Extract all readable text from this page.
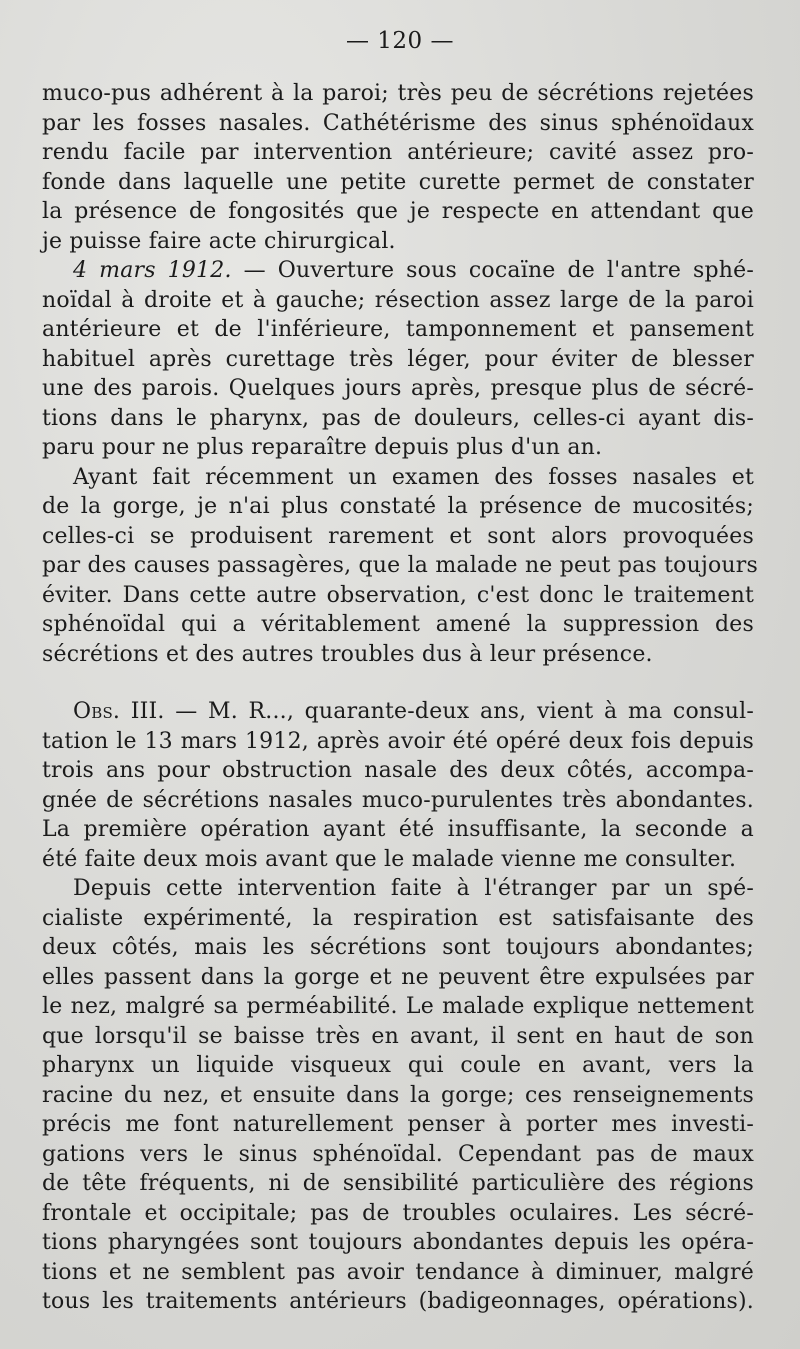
— 120 —
muco-pus adhérent à la paroi; très peu de sécrétions rejetées
par les fosses nasales. Cathétérisme des sinus sphénoïdaux
rendu facile par intervention antérieure; cavité assez pro-
fonde dans laquelle une petite curette permet de constater
la présence de fongosités que je respecte en attendant que
je puisse faire acte chirurgical.
4 mars 1912. — Ouverture sous cocaïne de l'antre sphé-
noïdal à droite et à gauche; résection assez large de la paroi
antérieure et de l'inférieure, tamponnement et pansement
habituel après curettage très léger, pour éviter de blesser
une des parois. Quelques jours après, presque plus de sécré-
tions dans le pharynx, pas de douleurs, celles-ci ayant dis-
paru pour ne plus reparaître depuis plus d'un an.
Ayant fait récemment un examen des fosses nasales et
de la gorge, je n'ai plus constaté la présence de mucosités;
celles-ci se produisent rarement et sont alors provoquées
par des causes passagères, que la malade ne peut pas toujours
éviter. Dans cette autre observation, c'est donc le traitement
sphénoïdal qui a véritablement amené la suppression des
sécrétions et des autres troubles dus à leur présence.
Obs. III. — M. R..., quarante-deux ans, vient à ma consul-
tation le 13 mars 1912, après avoir été opéré deux fois depuis
trois ans pour obstruction nasale des deux côtés, accompa-
gnée de sécrétions nasales muco-purulentes très abondantes.
La première opération ayant été insuffisante, la seconde a
été faite deux mois avant que le malade vienne me consulter.
Depuis cette intervention faite à l'étranger par un spé-
cialiste expérimenté, la respiration est satisfaisante des
deux côtés, mais les sécrétions sont toujours abondantes;
elles passent dans la gorge et ne peuvent être expulsées par
le nez, malgré sa perméabilité. Le malade explique nettement
que lorsqu'il se baisse très en avant, il sent en haut de son
pharynx un liquide visqueux qui coule en avant, vers la
racine du nez, et ensuite dans la gorge; ces renseignements
précis me font naturellement penser à porter mes investi-
gations vers le sinus sphénoïdal. Cependant pas de maux
de tête fréquents, ni de sensibilité particulière des régions
frontale et occipitale; pas de troubles oculaires. Les sécré-
tions pharyngées sont toujours abondantes depuis les opéra-
tions et ne semblent pas avoir tendance à diminuer, malgré
tous les traitements antérieurs (badigeonnages, opérations).
